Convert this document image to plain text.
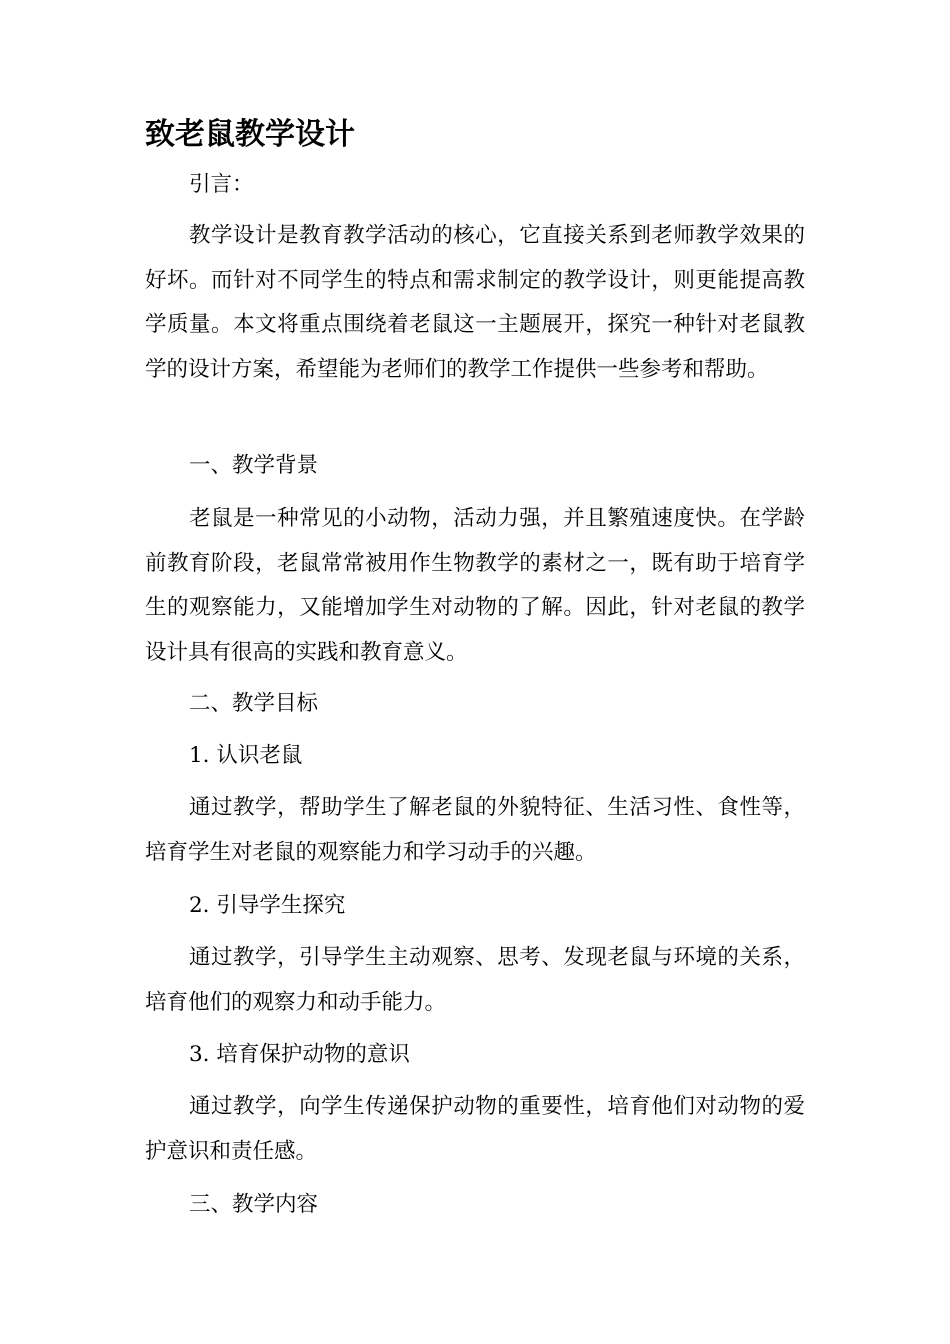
致老鼠教学设计

引言：

教学设计是教育教学活动的核心，它直接关系到老师教学效果的好坏。而针对不同学生的特点和需求制定的教学设计，则更能提高教学质量。本文将重点围绕着老鼠这一主题展开，探究一种针对老鼠教学的设计方案，希望能为老师们的教学工作提供一些参考和帮助。

一、教学背景

老鼠是一种常见的小动物，活动力强，并且繁殖速度快。在学龄前教育阶段，老鼠常常被用作生物教学的素材之一，既有助于培育学生的观察能力，又能增加学生对动物的了解。因此，针对老鼠的教学设计具有很高的实践和教育意义。

二、教学目标

1. 认识老鼠

通过教学，帮助学生了解老鼠的外貌特征、生活习性、食性等，培育学生对老鼠的观察能力和学习动手的兴趣。

2. 引导学生探究

通过教学，引导学生主动观察、思考、发现老鼠与环境的关系，培育他们的观察力和动手能力。

3. 培育保护动物的意识

通过教学，向学生传递保护动物的重要性，培育他们对动物的爱护意识和责任感。

三、教学内容
